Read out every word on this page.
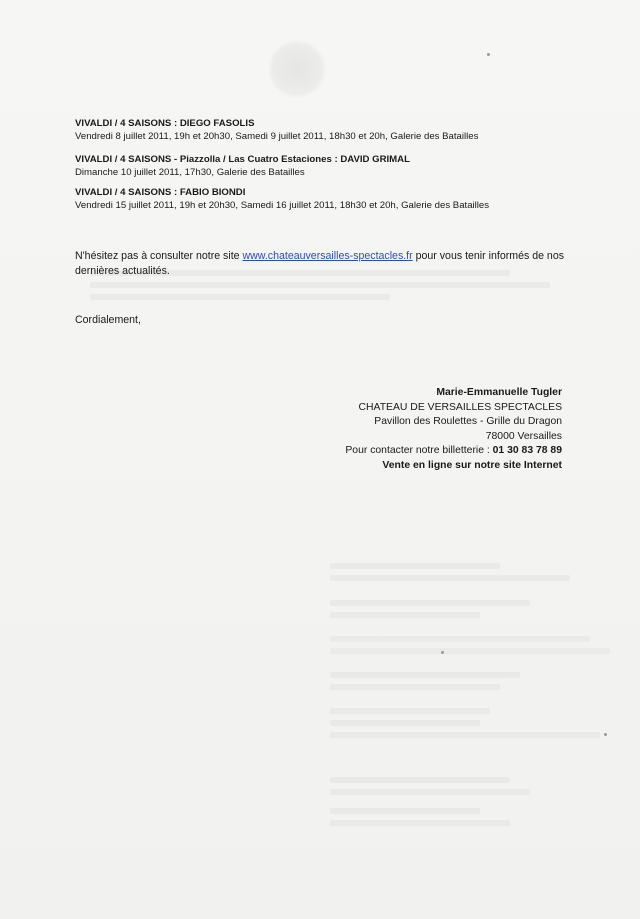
VIVALDI / 4 SAISONS : DIEGO FASOLIS
Vendredi 8 juillet 2011, 19h et 20h30, Samedi 9 juillet 2011, 18h30 et 20h, Galerie des Batailles
VIVALDI / 4 SAISONS - Piazzolla / Las Cuatro Estaciones : DAVID GRIMAL
Dimanche 10 juillet 2011, 17h30, Galerie des Batailles
VIVALDI / 4 SAISONS : FABIO BIONDI
Vendredi 15 juillet 2011, 19h et 20h30, Samedi 16 juillet 2011, 18h30 et 20h, Galerie des Batailles
N'hésitez pas à consulter notre site www.chateauversailles-spectacles.fr pour vous tenir informés de nos dernières actualités.
Cordialement,
Marie-Emmanuelle Tugler
CHATEAU DE VERSAILLES SPECTACLES
Pavillon des Roulettes - Grille du Dragon
78000 Versailles
Pour contacter notre billetterie : 01 30 83 78 89
Vente en ligne sur notre site Internet
